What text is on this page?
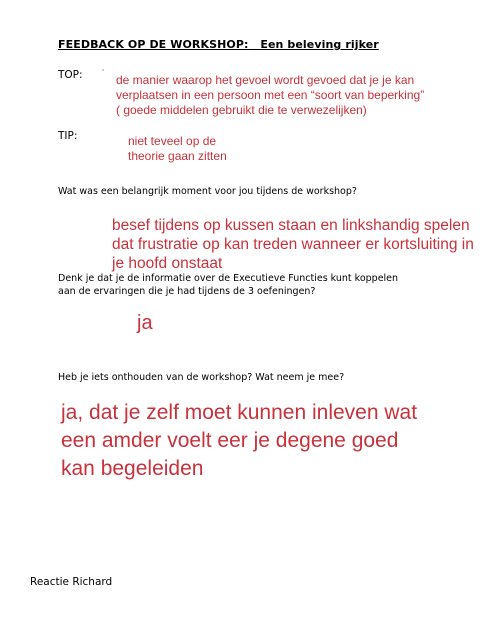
FEEDBACK OP DE WORKSHOP: Een beleving rijker
TOP:	de manier waarop het gevoel wordt gevoed dat je je kan
verplaatsen in een persoon met een “soort van beperking”
( goede middelen gebruikt die te verwezelijken)
TIP:	niet teveel op de
theorie gaan zitten
Wat was een belangrijk moment voor jou tijdens de workshop?
besef tijdens op kussen staan en linkshandig spelen
dat frustratie op kan treden wanneer er kortsluiting in
je hoofd onstaat
Denk je dat je de informatie over de Executieve Functies kunt koppelen
aan de ervaringen die je had tijdens de 3 oefeningen?
ja
Heb je iets onthouden van de workshop? Wat neem je mee?
ja, dat je zelf moet kunnen inleven wat
een amder voelt eer je degene goed
kan begeleiden
Reactie Richard
